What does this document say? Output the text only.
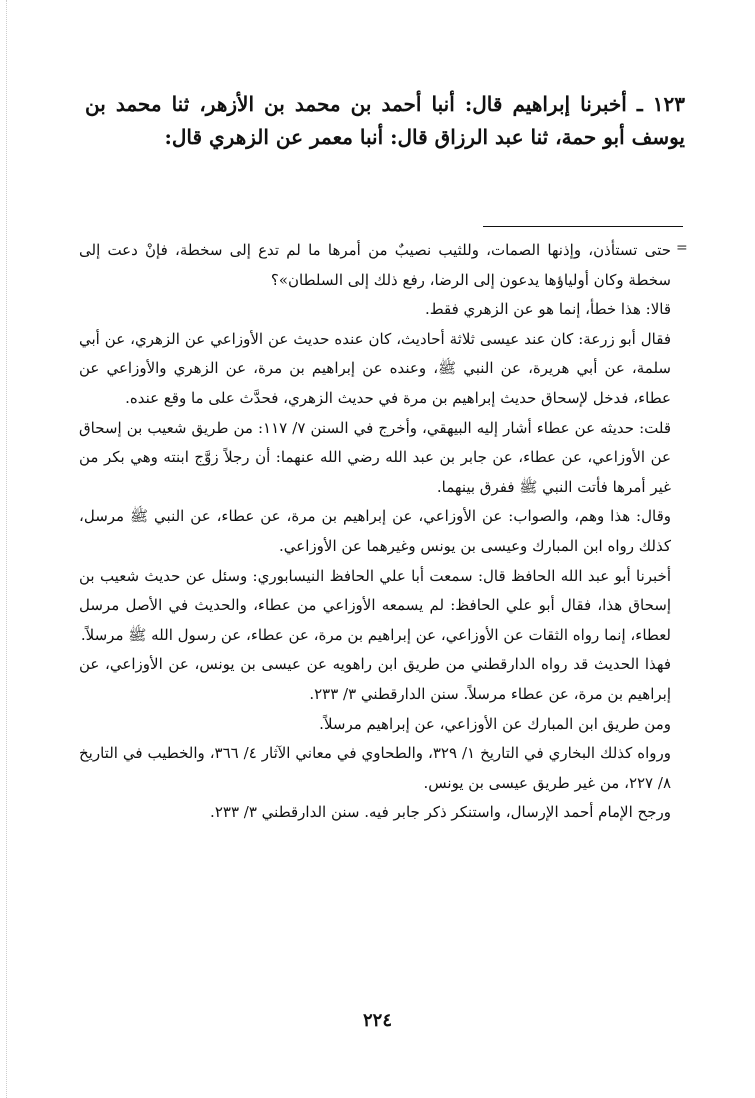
١٢٣ ـ أخبرنا إبراهيم قال: أنبا أحمد بن محمد بن الأزهر، ثنا محمد بن يوسف أبو حمة، ثنا عبد الرزاق قال: أنبا معمر عن الزهري قال:

=

حتى تستأذن، وإذنها الصمات، وللثيب نصيبٌ من أمرها ما لم تدع إلى سخطة، فإنْ دعت إلى سخطة وكان أولياؤها يدعون إلى الرضا، رفع ذلك إلى السلطان»؟

قالا: هذا خطأ، إنما هو عن الزهري فقط.

فقال أبو زرعة: كان عند عيسى ثلاثة أحاديث، كان عنده حديث عن الأوزاعي عن الزهري، عن أبي سلمة، عن أبي هريرة، عن النبي ﷺ، وعنده عن إبراهيم بن مرة، عن الزهري والأوزاعي عن عطاء، فدخل لإسحاق حديث إبراهيم بن مرة في حديث الزهري، فحدَّث على ما وقع عنده.

قلت: حديثه عن عطاء أشار إليه البيهقي، وأخرج في السنن ٧/ ١١٧: من طريق شعيب بن إسحاق عن الأوزاعي، عن عطاء، عن جابر بن عبد الله رضي الله عنهما: أن رجلاً زوَّج ابنته وهي بكر من غير أمرها فأتت النبي ﷺ ففرق بينهما.

وقال: هذا وهم، والصواب: عن الأوزاعي، عن إبراهيم بن مرة، عن عطاء، عن النبي ﷺ مرسل، كذلك رواه ابن المبارك وعيسى بن يونس وغيرهما عن الأوزاعي.

أخبرنا أبو عبد الله الحافظ قال: سمعت أبا علي الحافظ النيسابوري: وسئل عن حديث شعيب بن إسحاق هذا، فقال أبو علي الحافظ: لم يسمعه الأوزاعي من عطاء، والحديث في الأصل مرسل لعطاء، إنما رواه الثقات عن الأوزاعي، عن إبراهيم بن مرة، عن عطاء، عن رسول الله ﷺ مرسلاً.

فهذا الحديث قد رواه الدارقطني من طريق ابن راهويه عن عيسى بن يونس، عن الأوزاعي، عن إبراهيم بن مرة، عن عطاء مرسلاً. سنن الدارقطني ٣/ ٢٣٣.

ومن طريق ابن المبارك عن الأوزاعي، عن إبراهيم مرسلاً.

ورواه كذلك البخاري في التاريخ ١/ ٣٢٩، والطحاوي في معاني الآثار ٤/ ٣٦٦، والخطيب في التاريخ ٨/ ٢٢٧، من غير طريق عيسى بن يونس.

ورجح الإمام أحمد الإرسال، واستنكر ذكر جابر فيه. سنن الدارقطني ٣/ ٢٣٣.

٢٢٤
